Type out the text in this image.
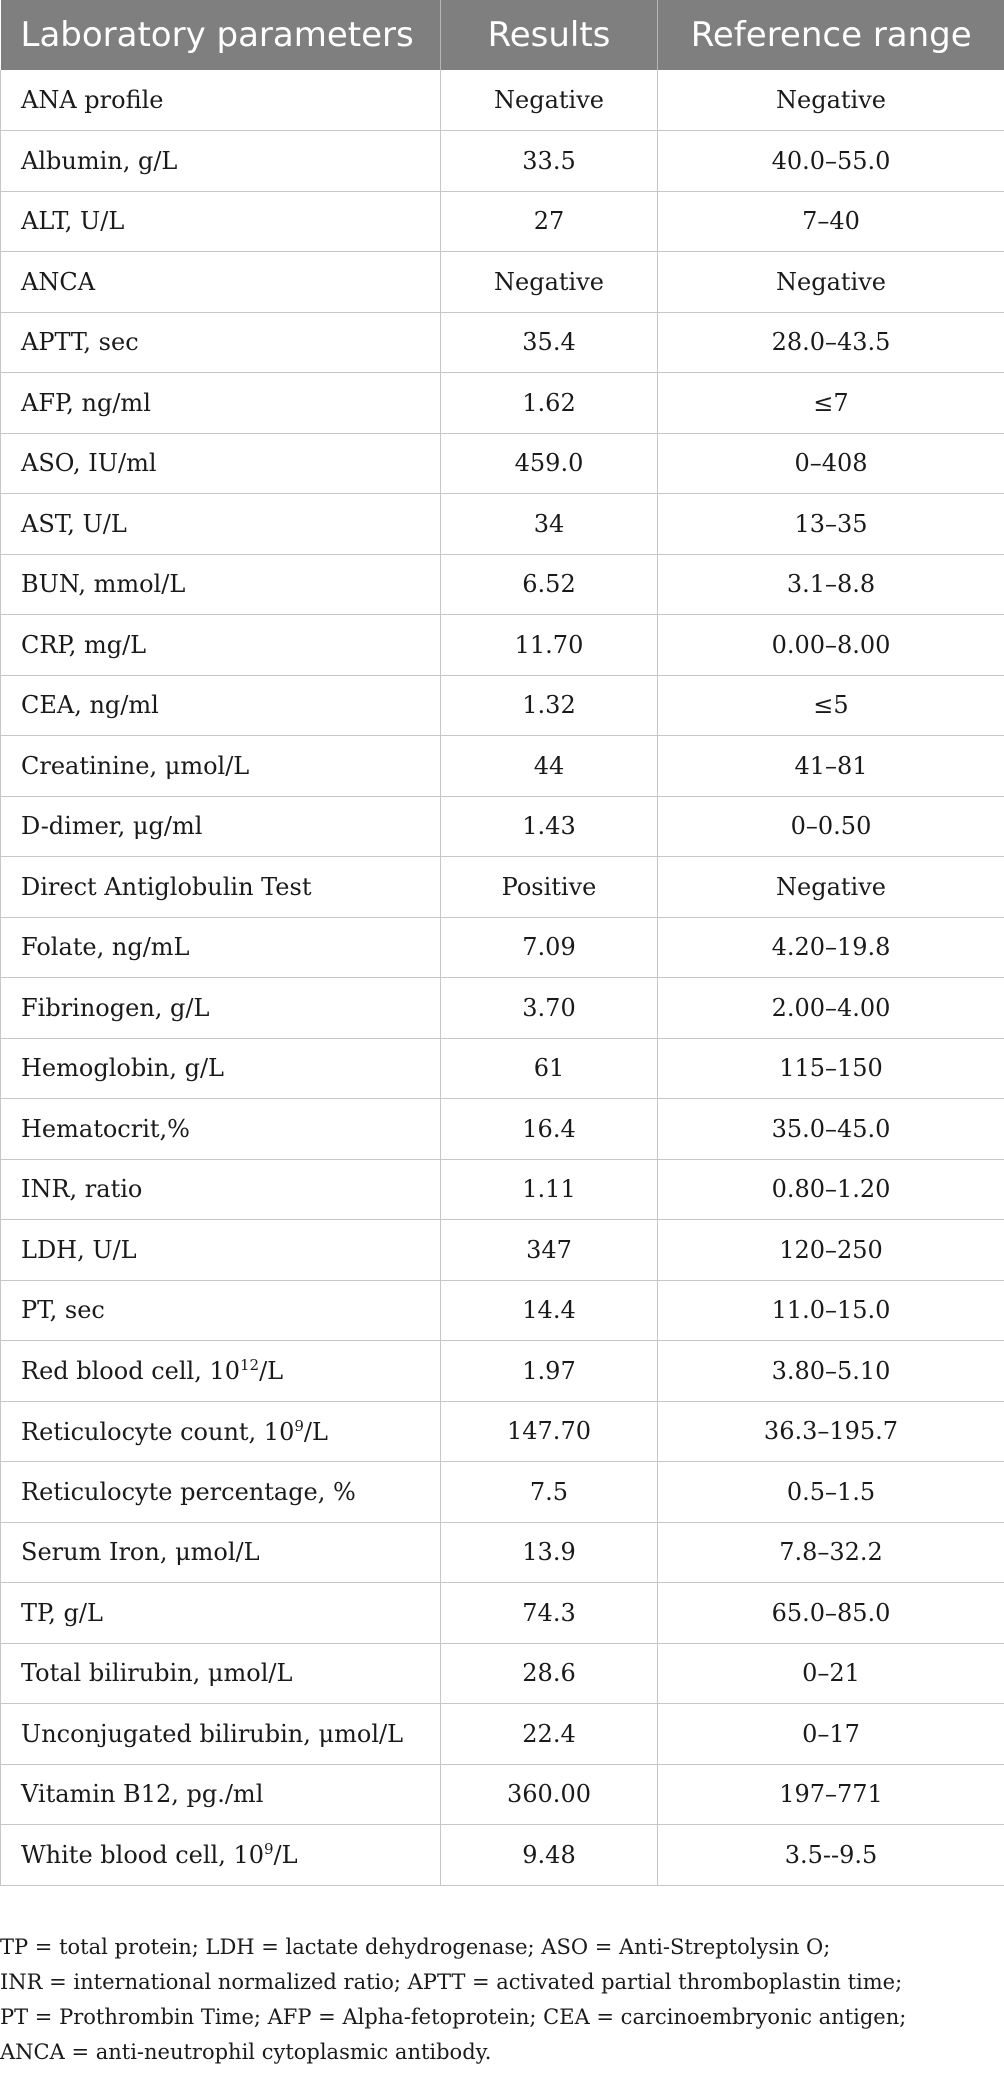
Laboratory parameters	Results	Reference range
ANA profile	Negative	Negative
Albumin, g/L	33.5	40.0–55.0
ALT, U/L	27	7–40
ANCA	Negative	Negative
APTT, sec	35.4	28.0–43.5
AFP, ng/ml	1.62	≤7
ASO, IU/ml	459.0	0–408
AST, U/L	34	13–35
BUN, mmol/L	6.52	3.1–8.8
CRP, mg/L	11.70	0.00–8.00
CEA, ng/ml	1.32	≤5
Creatinine, μmol/L	44	41–81
D-dimer, μg/ml	1.43	0–0.50
Direct Antiglobulin Test	Positive	Negative
Folate, ng/mL	7.09	4.20–19.8
Fibrinogen, g/L	3.70	2.00–4.00
Hemoglobin, g/L	61	115–150
Hematocrit,%	16.4	35.0–45.0
INR, ratio	1.11	0.80–1.20
LDH, U/L	347	120–250
PT, sec	14.4	11.0–15.0
Red blood cell, $10^{12}/L$	1.97	3.80–5.10
Reticulocyte count, $10^9/L$	147.70	36.3–195.7
Reticulocyte percentage, %	7.5	0.5–1.5
Serum Iron, μmol/L	13.9	7.8–32.2
TP, g/L	74.3	65.0–85.0
Total bilirubin, μmol/L	28.6	0–21
Unconjugated bilirubin, μmol/L	22.4	0–17
Vitamin B12, pg./ml	360.00	197–771
White blood cell, $10^9/L$	9.48	3.5--9.5
TP = total protein; LDH = lactate dehydrogenase; ASO = Anti-Streptolysin O;
INR = international normalized ratio; APTT = activated partial thromboplastin time;
PT = Prothrombin Time; AFP = Alpha-fetoprotein; CEA = carcinoembryonic antigen;
ANCA = anti-neutrophil cytoplasmic antibody.
